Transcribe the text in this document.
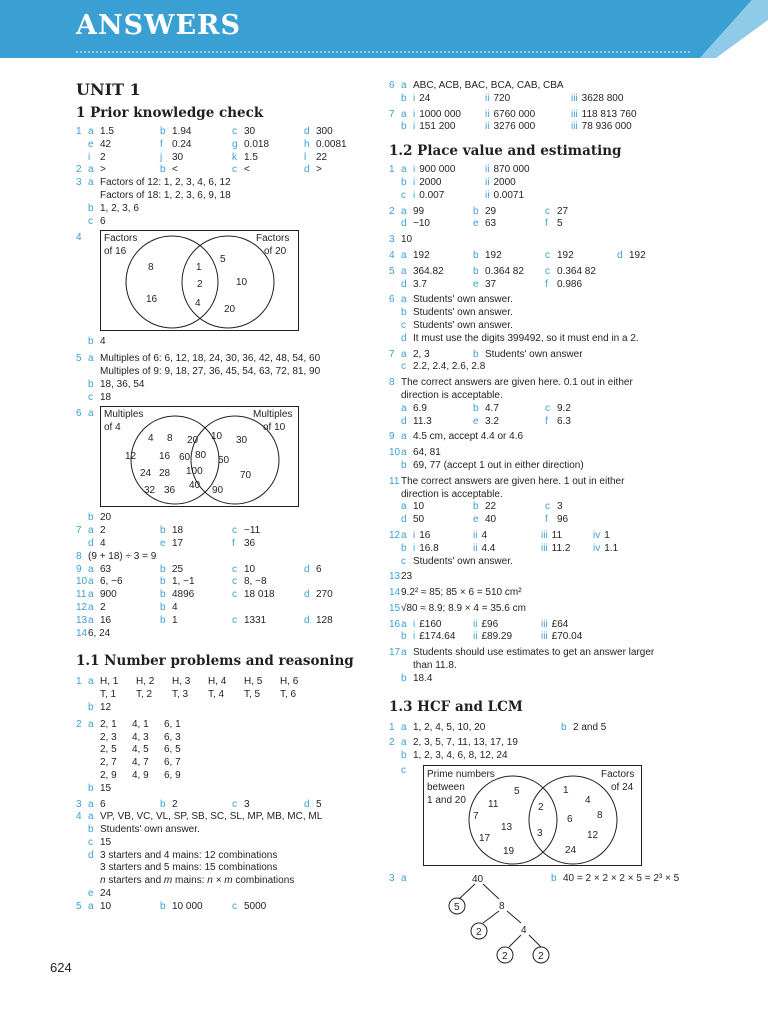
ANSWERS
UNIT 1
1 Prior knowledge check
1 a 1.5	b 1.94	c 30	d 300
e 42	f 0.24	g 0.018	h 0.0081
i 2	j 30	k 1.5	l 22
2 a >	b <	c <	d >
3 a Factors of 12: 1, 2, 3, 4, 6, 12
Factors of 18: 1, 2, 3, 6, 9, 18
b 1, 2, 3, 6
c 6
4	Factors
of 16
Factors
of 20
8
16
1
2
4
5
10
20
b 4
5 a Multiples of 6: 6, 12, 18, 24, 30, 36, 42, 48, 54, 60
Multiples of 9: 9, 18, 27, 36, 45, 54, 63, 72, 81, 90
b 18, 36, 54
c 18
6 a	Multiples
of 4
Multiples
of 10
4 8
12 16
24 28
32 36
20
60 80
100
40
10 30
50
70
90
b 20
7 a 2	b 18	c −11
d 4	e 17	f 36
8 (9 + 18) ÷ 3 = 9
9 a 63	b 25	c 10	d 6
10 a 6, −6	b 1, −1	c 8, −8
11 a 900	b 4896	c 18 018	d 270
12 a 2	b 4
13 a 16	b 1	c 1331	d 128
14 6, 24
1.1 Number problems and reasoning
1 a H, 1	H, 2	H, 3	H, 4	H, 5	H, 6
T, 1	T, 2	T, 3	T, 4	T, 5	T, 6
b 12
2 a 2, 1	4, 1	6, 1
2, 3	4, 3	6, 3
2, 5	4, 5	6, 5
2, 7	4, 7	6, 7
2, 9	4, 9	6, 9
b 15
3 a 6	b 2	c 3	d 5
4 a VP, VB, VC, VL, SP, SB, SC, SL, MP, MB, MC, ML
b Students' own answer.
c 15
d 3 starters and 4 mains: 12 combinations
3 starters and 5 mains: 15 combinations
n starters and m mains: n × m combinations
e 24
5 a 10	b 10 000	c 5000
6 a ABC, ACB, BAC, BCA, CAB, CBA
b i 24	ii 720	iii 3628 800
7 a i 1000 000	ii 6760 000	iii 118 813 760
b i 151 200	ii 3276 000	iii 78 936 000
1.2 Place value and estimating
1 a i 900 000	ii 870 000
b i 2000	ii 2000
c i 0.007	ii 0.0071
2 a 99	b 29	c 27
d −10	e 63	f 5
3 10
4 a 192	b 192	c 192	d 192
5 a 364.82	b 0.364 82	c 0.364 82
d 3.7	e 37	f 0.986
6 a Students' own answer.
b Students' own answer.
c Students' own answer.
d It must use the digits 399492, so it must end in a 2.
7 a 2, 3	b Students' own answer
c 2.2, 2.4, 2.6, 2.8
8 The correct answers are given here. 0.1 out in either
direction is acceptable.
a 6.9	b 4.7	c 9.2
d 11.3	e 3.2	f 6.3
9 a 4.5 cm, accept 4.4 or 4.6
10 a 64, 81
b 69, 77 (accept 1 out in either direction)
11 The correct answers are given here. 1 out in either
direction is acceptable.
a 10	b 22	c 3
d 50	e 40	f 96
12 a i 16	ii 4	iii 11	iv 1
b i 16.8	ii 4.4	iii 11.2	iv 1.1
c Students' own answer.
13 23
14 9.2² ≈ 85; 85 × 6 = 510 cm²
15 √80 ≈ 8.9; 8.9 × 4 = 35.6 cm
16 a i £160	ii £96	iii £64
b i £174.64	ii £89.29	iii £70.04
17 a Students should use estimates to get an answer larger
than 11.8.
b 18.4
1.3 HCF and LCM
1 a 1, 2, 4, 5, 10, 20	b 2 and 5
2 a 2, 3, 5, 7, 11, 13, 17, 19
b 1, 2, 3, 4, 6, 8, 12, 24
c	Prime numbers
between
1 and 20
Factors
of 24
5
11
7
13
17
19
2
3
1
4
6 8
12
24
3 a	40
5	8
2	4
2	2
b 40 = 2 × 2 × 2 × 5 = 2³ × 5
624
